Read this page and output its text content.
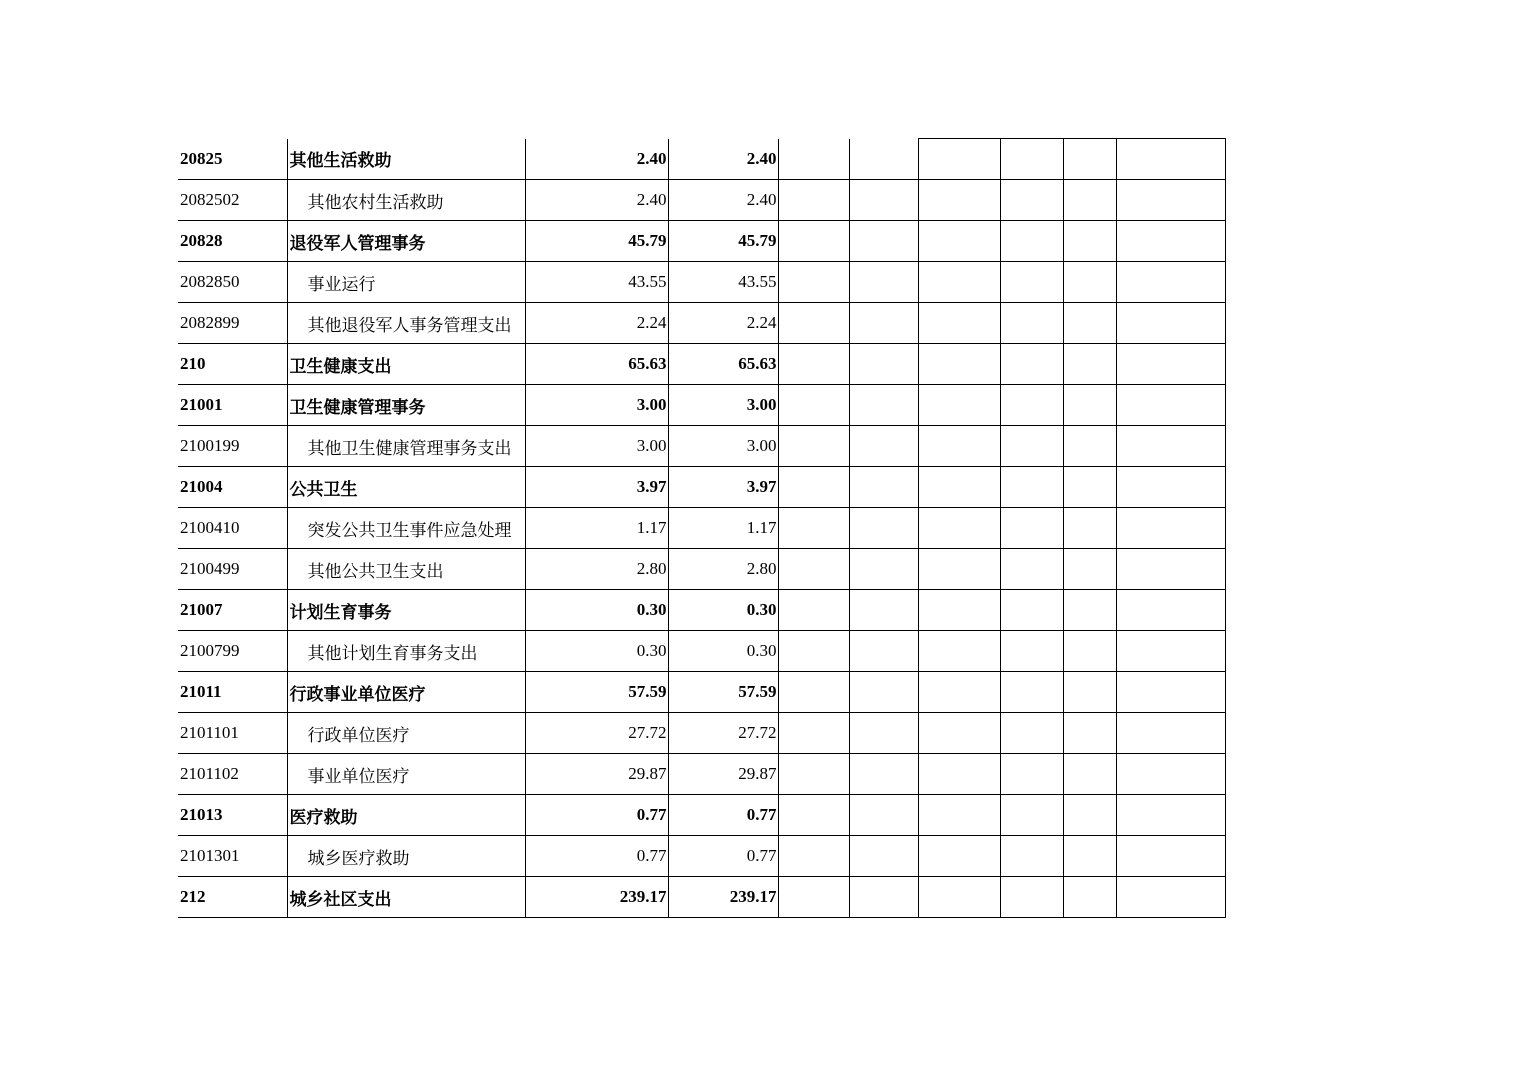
20825	其他生活救助	2.40	2.40						
2082502	其他农村生活救助	2.40	2.40						
20828	退役军人管理事务	45.79	45.79						
2082850	事业运行	43.55	43.55						
2082899	其他退役军人事务管理支出	2.24	2.24						
210	卫生健康支出	65.63	65.63						
21001	卫生健康管理事务	3.00	3.00						
2100199	其他卫生健康管理事务支出	3.00	3.00						
21004	公共卫生	3.97	3.97						
2100410	突发公共卫生事件应急处理	1.17	1.17						
2100499	其他公共卫生支出	2.80	2.80						
21007	计划生育事务	0.30	0.30						
2100799	其他计划生育事务支出	0.30	0.30						
21011	行政事业单位医疗	57.59	57.59						
2101101	行政单位医疗	27.72	27.72						
2101102	事业单位医疗	29.87	29.87						
21013	医疗救助	0.77	0.77						
2101301	城乡医疗救助	0.77	0.77						
212	城乡社区支出	239.17	239.17						
